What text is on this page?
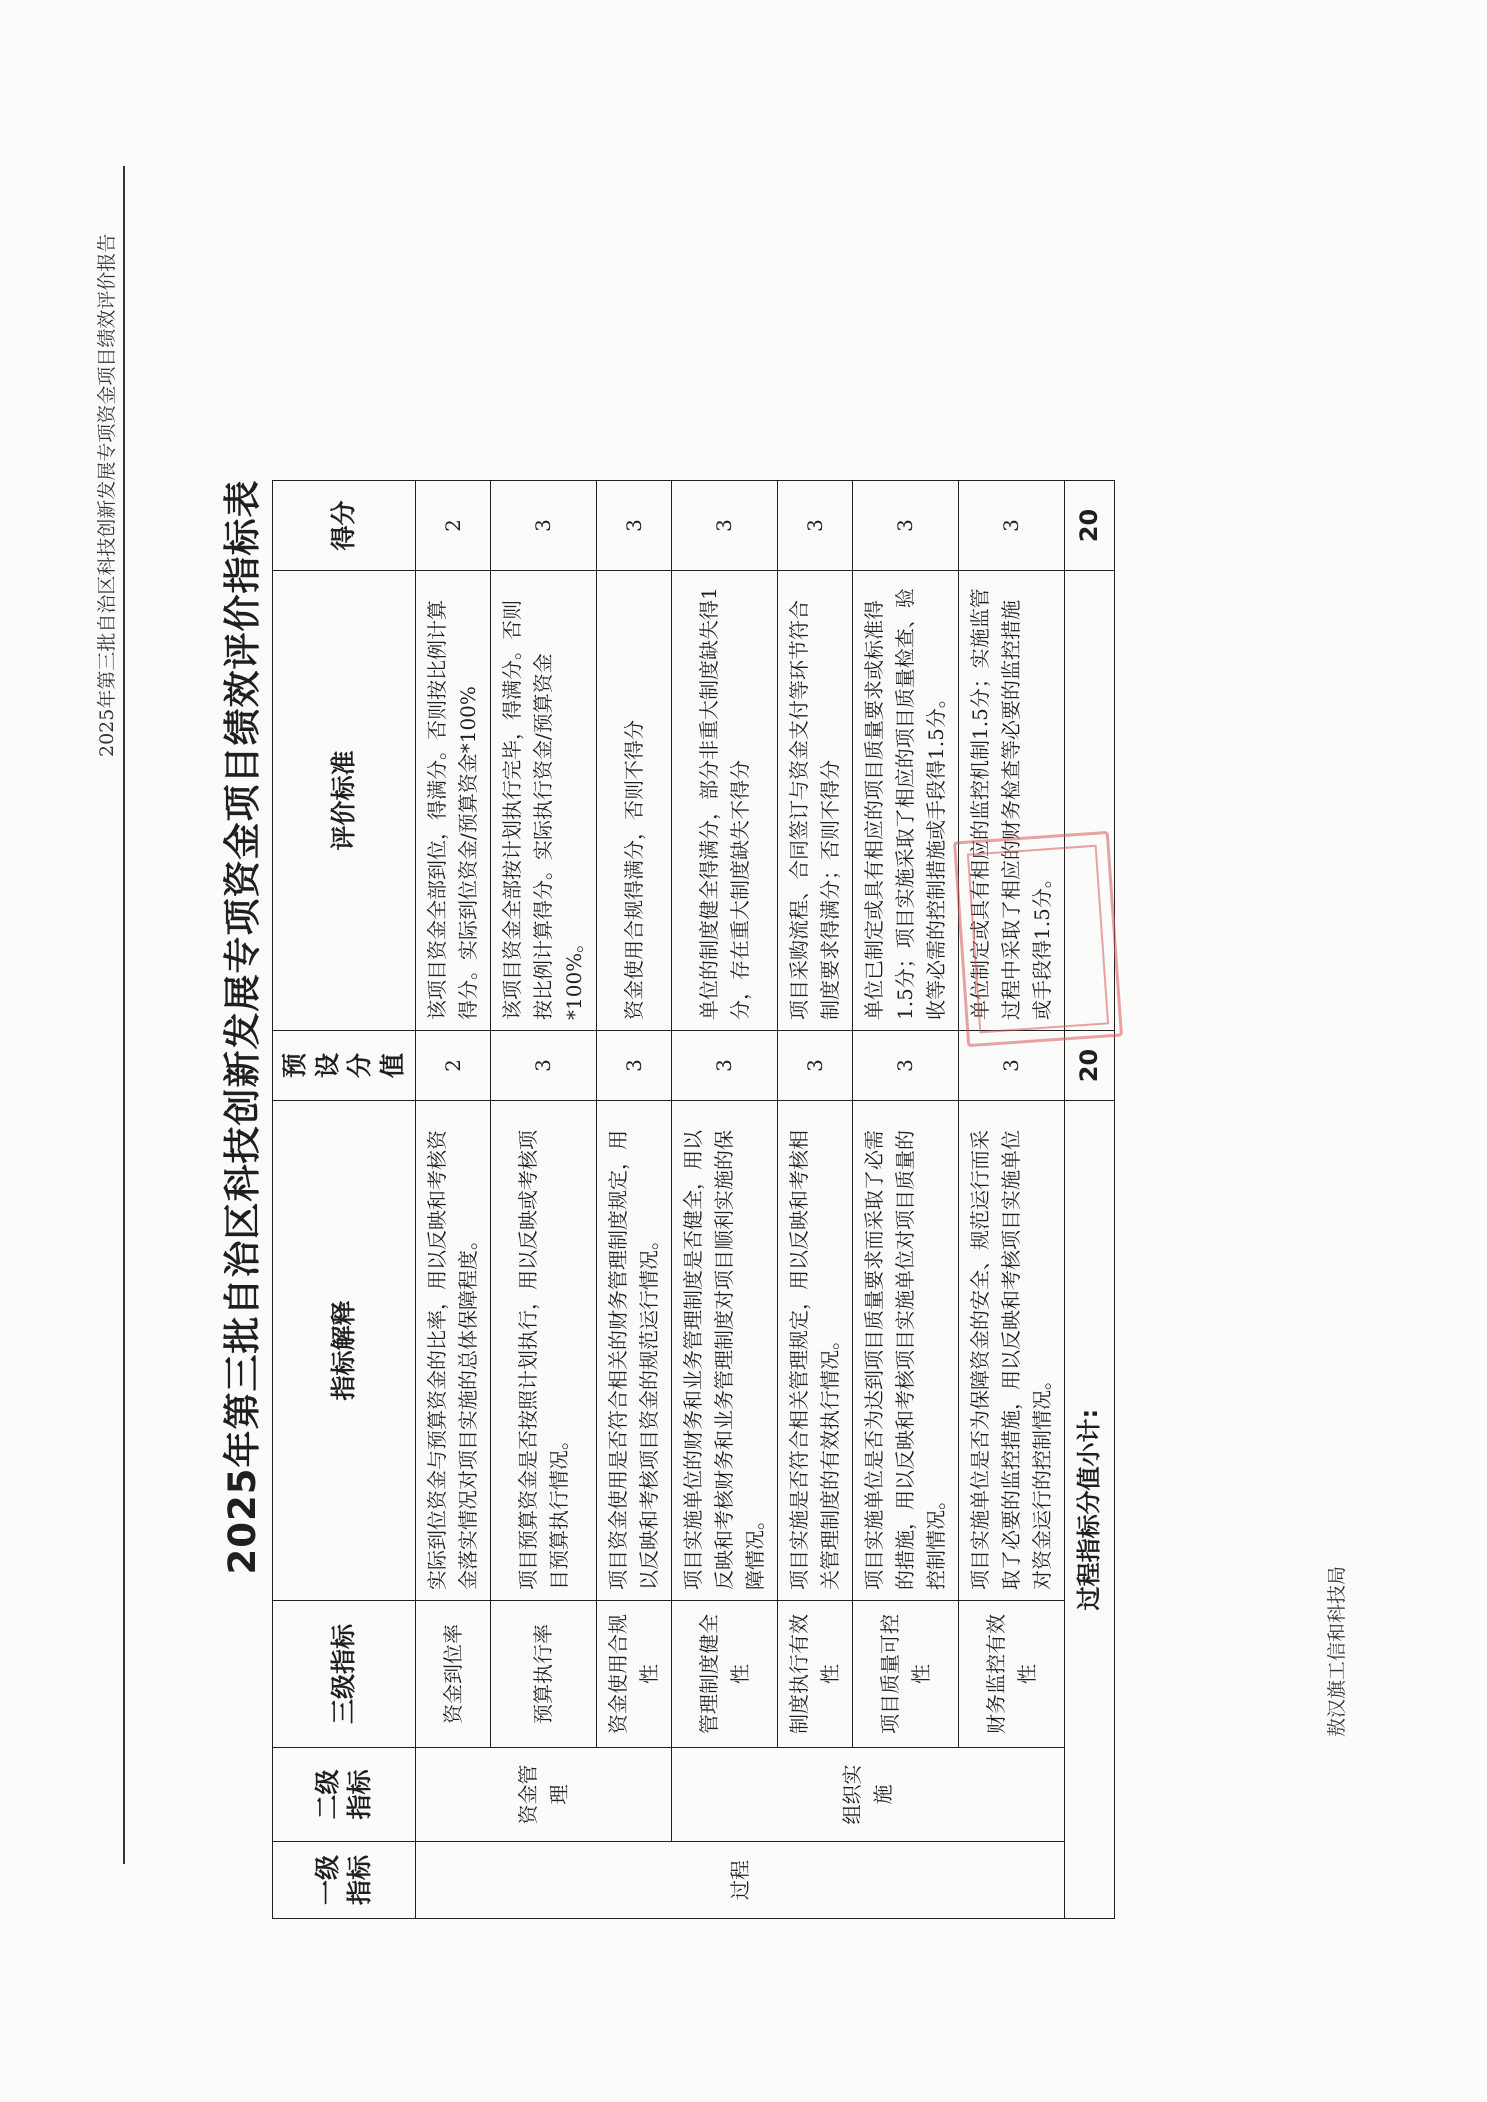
2025年第三批自治区科技创新发展专项资金项目绩效评价报告
敖汉旗工信和科技局
2025年第三批自治区科技创新发展专项资金项目绩效评价指标表
一级指标	二级指标	三级指标	指标解释	预设分值	评价标准	得分
过程	资金管理	资金到位率	实际到位资金与预算资金的比率，用以反映和考核资金落实情况对项目实施的总体保障程度。	2	该项目资金全部到位，得满分。否则按比例计算得分。实际到位资金/预算资金*100%	2
		预算执行率	项目预算资金是否按照计划执行，用以反映或考核项目预算执行情况。	3	该项目资金全部按计划执行完毕，得满分。否则按比例计算得分。实际执行资金/预算资金*100%。	3
		资金使用合规性	项目资金使用是否符合相关的财务管理制度规定，用以反映和考核项目资金的规范运行情况。	3	资金使用合规得满分，否则不得分	3
	组织实施	管理制度健全性	项目实施单位的财务和业务管理制度是否健全，用以反映和考核财务和业务管理制度对项目顺利实施的保障情况。	3	单位的制度健全得满分，部分非重大制度缺失得1分，存在重大制度缺失不得分	3
		制度执行有效性	项目实施是否符合相关管理规定，用以反映和考核相关管理制度的有效执行情况。	3	项目采购流程、合同签订与资金支付等环节符合制度要求得满分；否则不得分	3
		项目质量可控性	项目实施单位是否为达到项目质量要求而采取了必需的措施，用以反映和考核项目实施单位对项目质量的控制情况。	3	单位已制定或具有相应的项目质量要求或标准得1.5分；项目实施采取了相应的项目质量检查、验收等必需的控制措施或手段得1.5分。	3
		财务监控有效性	项目实施单位是否为保障资金的安全、规范运行而采取了必要的监控措施，用以反映和考核项目实施单位对资金运行的控制情况。	3	单位制定或具有相应的监控机制1.5分；实施监管过程中采取了相应的财务检查等必要的监控措施或手段得1.5分。	3
过程指标分值小计:				20		20
